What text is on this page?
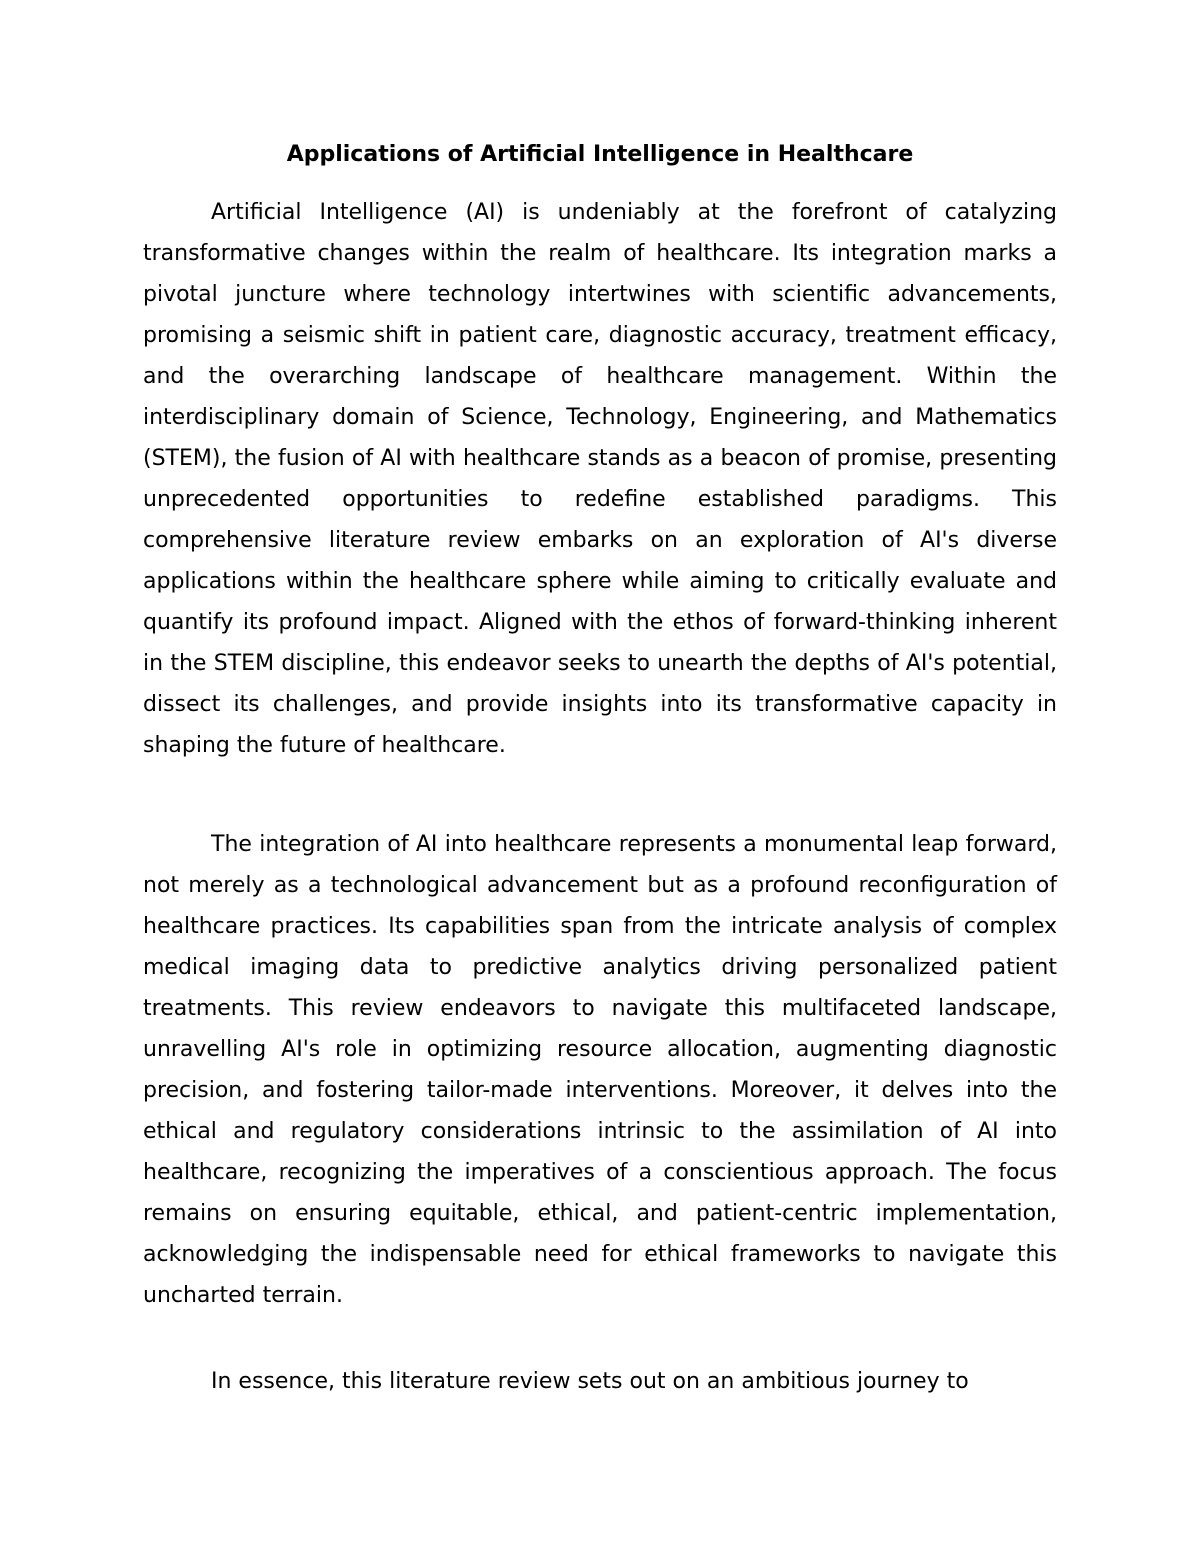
Applications of Artificial Intelligence in Healthcare

Artificial Intelligence (AI) is undeniably at the forefront of catalyzing transformative changes within the realm of healthcare. Its integration marks a pivotal juncture where technology intertwines with scientific advancements, promising a seismic shift in patient care, diagnostic accuracy, treatment efficacy, and the overarching landscape of healthcare management. Within the interdisciplinary domain of Science, Technology, Engineering, and Mathematics (STEM), the fusion of AI with healthcare stands as a beacon of promise, presenting unprecedented opportunities to redefine established paradigms. This comprehensive literature review embarks on an exploration of AI's diverse applications within the healthcare sphere while aiming to critically evaluate and quantify its profound impact. Aligned with the ethos of forward-thinking inherent in the STEM discipline, this endeavor seeks to unearth the depths of AI's potential, dissect its challenges, and provide insights into its transformative capacity in shaping the future of healthcare.

The integration of AI into healthcare represents a monumental leap forward, not merely as a technological advancement but as a profound reconfiguration of healthcare practices. Its capabilities span from the intricate analysis of complex medical imaging data to predictive analytics driving personalized patient treatments. This review endeavors to navigate this multifaceted landscape, unravelling AI's role in optimizing resource allocation, augmenting diagnostic precision, and fostering tailor-made interventions. Moreover, it delves into the ethical and regulatory considerations intrinsic to the assimilation of AI into healthcare, recognizing the imperatives of a conscientious approach. The focus remains on ensuring equitable, ethical, and patient-centric implementation, acknowledging the indispensable need for ethical frameworks to navigate this uncharted terrain.

In essence, this literature review sets out on an ambitious journey to
